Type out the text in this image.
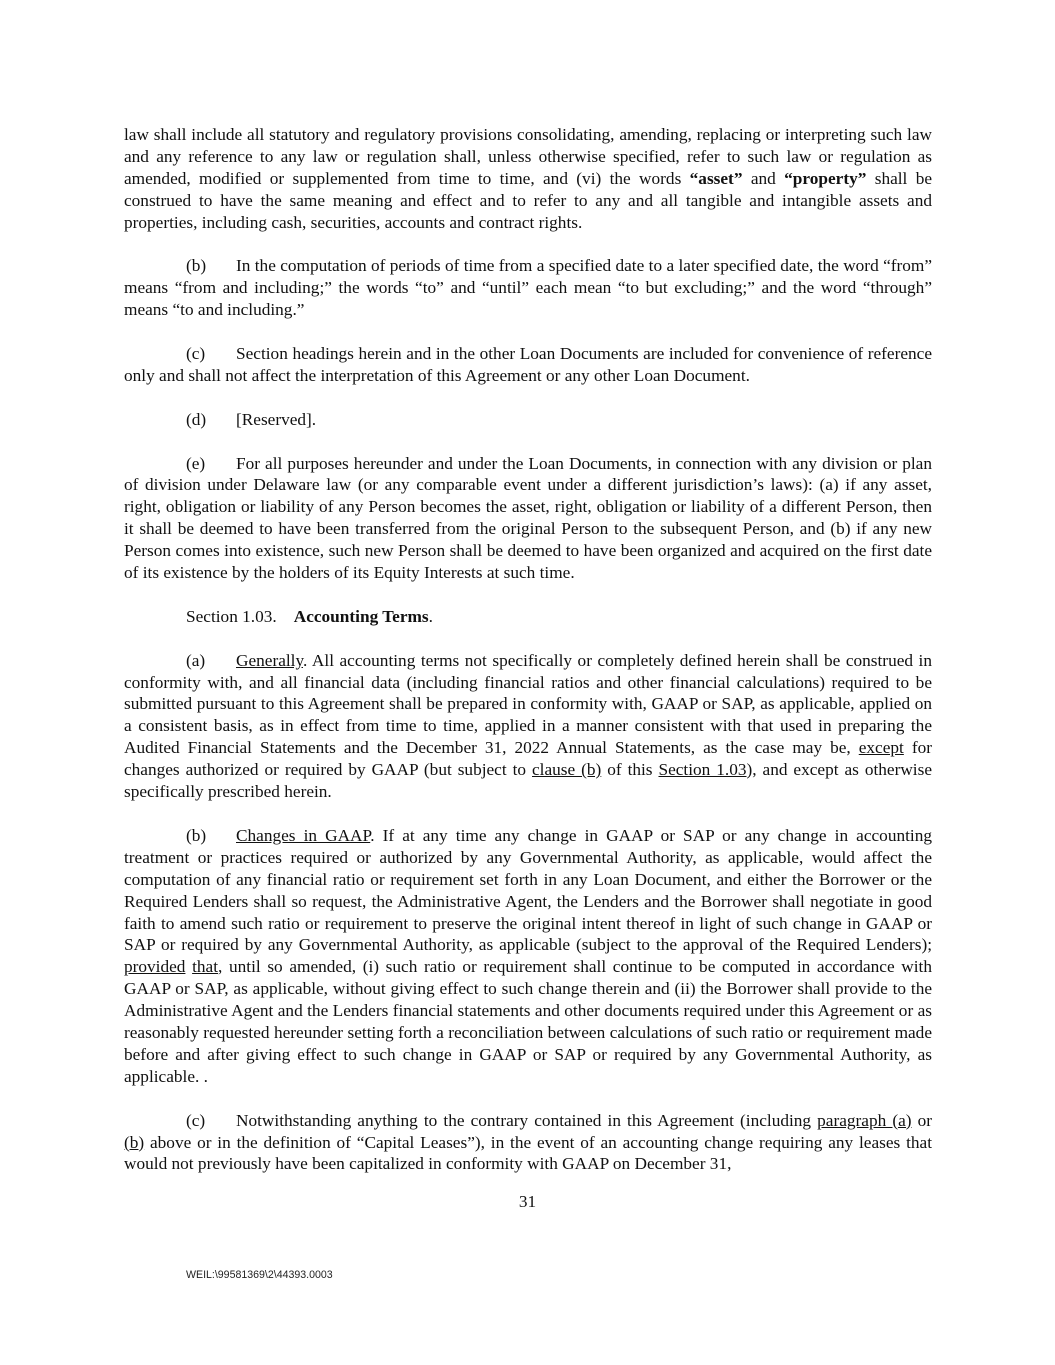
law shall include all statutory and regulatory provisions consolidating, amending, replacing or interpreting such law and any reference to any law or regulation shall, unless otherwise specified, refer to such law or regulation as amended, modified or supplemented from time to time, and (vi) the words “asset” and “property” shall be construed to have the same meaning and effect and to refer to any and all tangible and intangible assets and properties, including cash, securities, accounts and contract rights.

(b) In the computation of periods of time from a specified date to a later specified date, the word “from” means “from and including;” the words “to” and “until” each mean “to but excluding;” and the word “through” means “to and including.”

(c) Section headings herein and in the other Loan Documents are included for convenience of reference only and shall not affect the interpretation of this Agreement or any other Loan Document.

(d) [Reserved].

(e) For all purposes hereunder and under the Loan Documents, in connection with any division or plan of division under Delaware law (or any comparable event under a different jurisdiction’s laws): (a) if any asset, right, obligation or liability of any Person becomes the asset, right, obligation or liability of a different Person, then it shall be deemed to have been transferred from the original Person to the subsequent Person, and (b) if any new Person comes into existence, such new Person shall be deemed to have been organized and acquired on the first date of its existence by the holders of its Equity Interests at such time.

Section 1.03. Accounting Terms.

(a) Generally. All accounting terms not specifically or completely defined herein shall be construed in conformity with, and all financial data (including financial ratios and other financial calculations) required to be submitted pursuant to this Agreement shall be prepared in conformity with, GAAP or SAP, as applicable, applied on a consistent basis, as in effect from time to time, applied in a manner consistent with that used in preparing the Audited Financial Statements and the December 31, 2022 Annual Statements, as the case may be, except for changes authorized or required by GAAP (but subject to clause (b) of this Section 1.03), and except as otherwise specifically prescribed herein.

(b) Changes in GAAP. If at any time any change in GAAP or SAP or any change in accounting treatment or practices required or authorized by any Governmental Authority, as applicable, would affect the computation of any financial ratio or requirement set forth in any Loan Document, and either the Borrower or the Required Lenders shall so request, the Administrative Agent, the Lenders and the Borrower shall negotiate in good faith to amend such ratio or requirement to preserve the original intent thereof in light of such change in GAAP or SAP or required by any Governmental Authority, as applicable (subject to the approval of the Required Lenders); provided that, until so amended, (i) such ratio or requirement shall continue to be computed in accordance with GAAP or SAP, as applicable, without giving effect to such change therein and (ii) the Borrower shall provide to the Administrative Agent and the Lenders financial statements and other documents required under this Agreement or as reasonably requested hereunder setting forth a reconciliation between calculations of such ratio or requirement made before and after giving effect to such change in GAAP or SAP or required by any Governmental Authority, as applicable. .

(c) Notwithstanding anything to the contrary contained in this Agreement (including paragraph (a) or (b) above or in the definition of “Capital Leases”), in the event of an accounting change requiring any leases that would not previously have been capitalized in conformity with GAAP on December 31,

31
WEIL:\99581369\2\44393.0003
